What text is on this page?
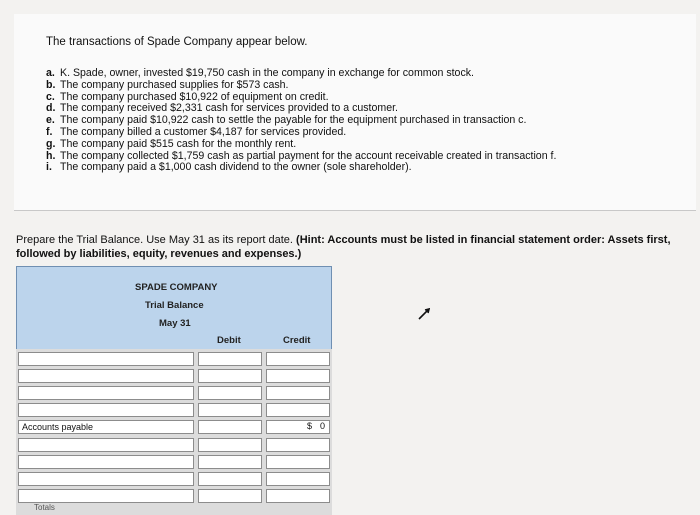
The transactions of Spade Company appear below.
a. K. Spade, owner, invested $19,750 cash in the company in exchange for common stock.
b. The company purchased supplies for $573 cash.
c. The company purchased $10,922 of equipment on credit.
d. The company received $2,331 cash for services provided to a customer.
e. The company paid $10,922 cash to settle the payable for the equipment purchased in transaction c.
f. The company billed a customer $4,187 for services provided.
g. The company paid $515 cash for the monthly rent.
h. The company collected $1,759 cash as partial payment for the account receivable created in transaction f.
i. The company paid a $1,000 cash dividend to the owner (sole shareholder).
Prepare the Trial Balance. Use May 31 as its report date. (Hint: Accounts must be listed in financial statement order: Assets first, followed by liabilities, equity, revenues and expenses.)
SPADE COMPANY
Trial Balance
May 31
Debit	Credit
Accounts payable	$ 0
Totals
